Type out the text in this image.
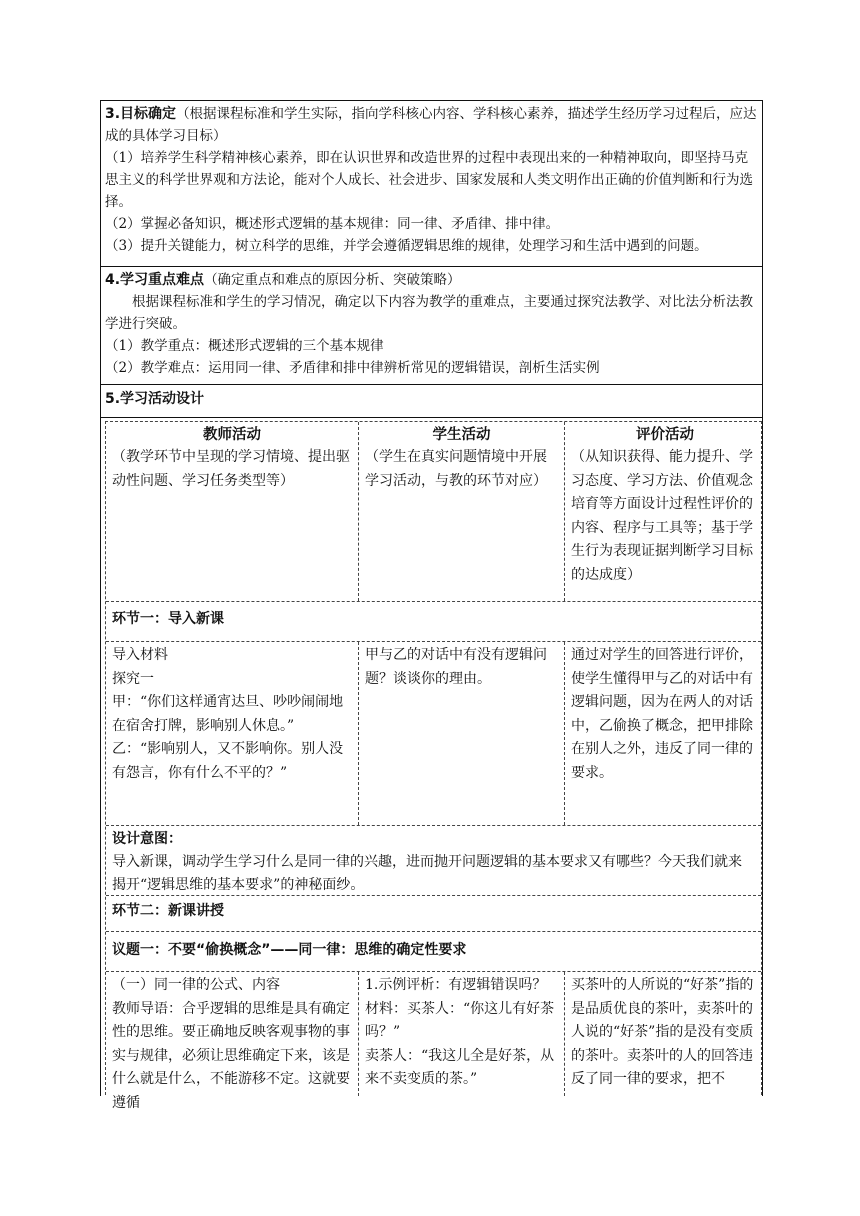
3.目标确定（根据课程标准和学生实际，指向学科核心内容、学科核心素养，描述学生经历学习过程后，应达成的具体学习目标）

（1）培养学生科学精神核心素养，即在认识世界和改造世界的过程中表现出来的一种精神取向，即坚持马克思主义的科学世界观和方法论，能对个人成长、社会进步、国家发展和人类文明作出正确的价值判断和行为选择。

（2）掌握必备知识，概述形式逻辑的基本规律：同一律、矛盾律、排中律。

（3）提升关键能力，树立科学的思维，并学会遵循逻辑思维的规律，处理学习和生活中遇到的问题。

4.学习重点难点（确定重点和难点的原因分析、突破策略）

根据课程标准和学生的学习情况，确定以下内容为教学的重难点，主要通过探究法教学、对比法分析法教学进行突破。

（1）教学重点：概述形式逻辑的三个基本规律

（2）教学难点：运用同一律、矛盾律和排中律辨析常见的逻辑错误，剖析生活实例

5.学习活动设计
教师活动
（教学环节中呈现的学习情境、提出驱动性问题、学习任务类型等）
学生活动
（学生在真实问题情境中开展学习活动，与教的环节对应）
评价活动
（从知识获得、能力提升、学习态度、学习方法、价值观念培育等方面设计过程性评价的内容、程序与工具等；基于学生行为表现证据判断学习目标的达成度）
环节一：导入新课
导入材料
探究一
甲：“你们这样通宵达旦、吵吵闹闹地在宿舍打牌，影响别人休息。”
乙：“影响别人，又不影响你。别人没有怨言，你有什么不平的？”
甲与乙的对话中有没有逻辑问题？谈谈你的理由。
通过对学生的回答进行评价，使学生懂得甲与乙的对话中有逻辑问题，因为在两人的对话中，乙偷换了概念，把甲排除在别人之外，违反了同一律的要求。
设计意图：
导入新课，调动学生学习什么是同一律的兴趣，进而抛开问题逻辑的基本要求又有哪些？今天我们就来揭开“逻辑思维的基本要求”的神秘面纱。
环节二：新课讲授
议题一：不要“偷换概念”——同一律：思维的确定性要求
（一）同一律的公式、内容
教师导语：合乎逻辑的思维是具有确定性的思维。要正确地反映客观事物的事实与规律，必须让思维确定下来，该是什么就是什么，不能游移不定。这就要遵循
1.示例评析：有逻辑错误吗？
材料：买茶人：“你这儿有好茶吗？”
卖茶人：“我这儿全是好茶，从来不卖变质的茶。”
买茶叶的人所说的“好茶”指的是品质优良的茶叶，卖茶叶的人说的“好茶”指的是没有变质的茶叶。卖茶叶的人的回答违反了同一律的要求，把不
